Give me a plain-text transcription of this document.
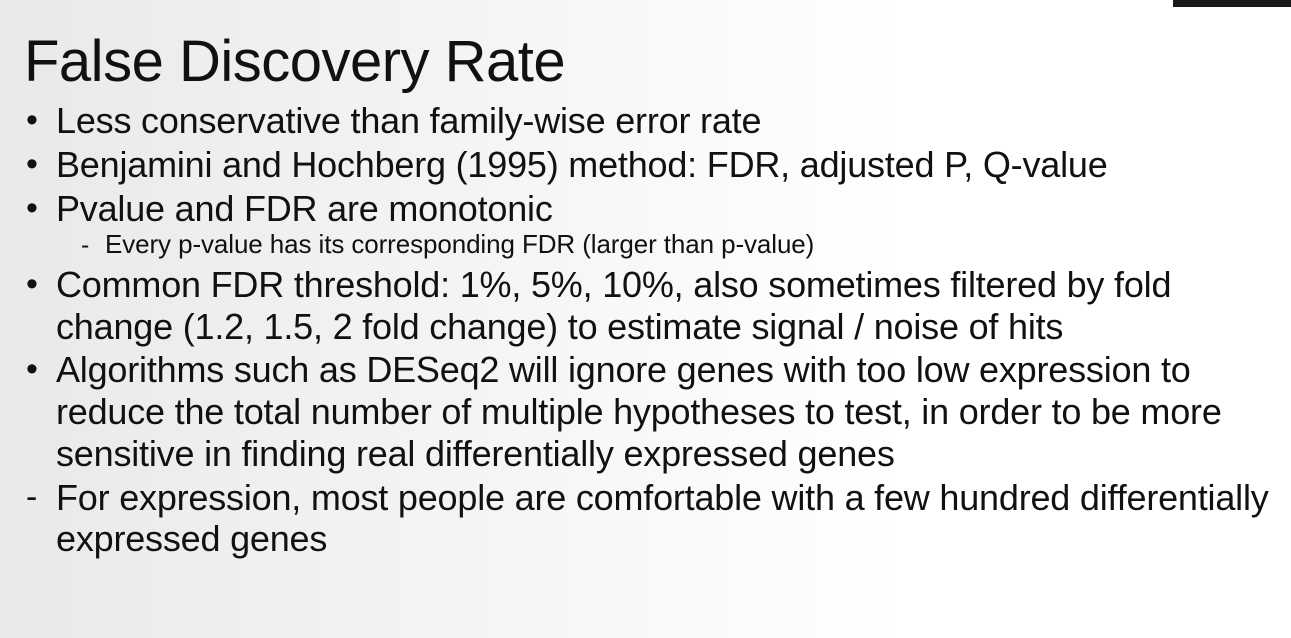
False Discovery Rate
• Less conservative than family-wise error rate
• Benjamini and Hochberg (1995) method: FDR, adjusted P, Q-value
• Pvalue and FDR are monotonic
- Every p-value has its corresponding FDR (larger than p-value)
• Common FDR threshold: 1%, 5%, 10%, also sometimes filtered by fold change (1.2, 1.5, 2 fold change) to estimate signal / noise of hits
• Algorithms such as DESeq2 will ignore genes with too low expression to reduce the total number of multiple hypotheses to test, in order to be more sensitive in finding real differentially expressed genes
- For expression, most people are comfortable with a few hundred differentially expressed genes
